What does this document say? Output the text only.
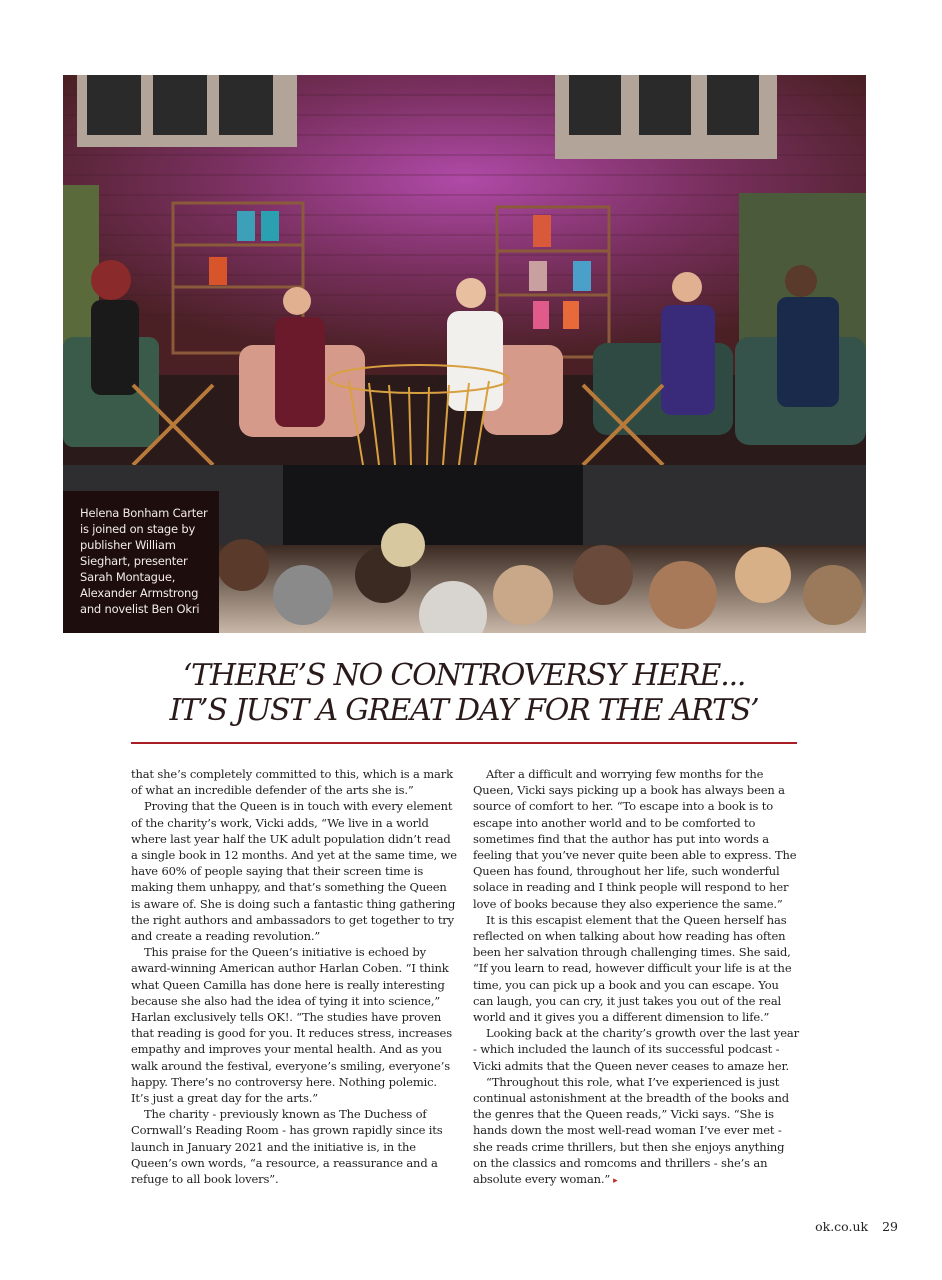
Helena Bonham Carter is joined on stage by publisher William Sieghart, presenter Sarah Montague, Alexander Armstrong and novelist Ben Okri
‘THERE’S NO CONTROVERSY HERE...
IT’S JUST A GREAT DAY FOR THE ARTS’

that she’s completely committed to this, which is a mark of what an incredible defender of the arts she is.”

Proving that the Queen is in touch with every element of the charity’s work, Vicki adds, “We live in a world where last year half the UK adult population didn’t read a single book in 12 months. And yet at the same time, we have 60% of people saying that their screen time is making them unhappy, and that’s something the Queen is aware of. She is doing such a fantastic thing gathering the right authors and ambassadors to get together to try and create a reading revolution.”

This praise for the Queen’s initiative is echoed by award-winning American author Harlan Coben. “I think what Queen Camilla has done here is really interesting because she also had the idea of tying it into science,” Harlan exclusively tells OK!. “The studies have proven that reading is good for you. It reduces stress, increases empathy and improves your mental health. And as you walk around the festival, everyone’s smiling, everyone’s happy. There’s no controversy here. Nothing polemic. It’s just a great day for the arts.”

The charity - previously known as The Duchess of Cornwall’s Reading Room - has grown rapidly since its launch in January 2021 and the initiative is, in the Queen’s own words, “a resource, a reassurance and a refuge to all book lovers”.

After a difficult and worrying few months for the Queen, Vicki says picking up a book has always been a source of comfort to her. “To escape into a book is to escape into another world and to be comforted to sometimes find that the author has put into words a feeling that you’ve never quite been able to express. The Queen has found, throughout her life, such wonderful solace in reading and I think people will respond to her love of books because they also experience the same.”

It is this escapist element that the Queen herself has reflected on when talking about how reading has often been her salvation through challenging times. She said, “If you learn to read, however difficult your life is at the time, you can pick up a book and you can escape. You can laugh, you can cry, it just takes you out of the real world and it gives you a different dimension to life.”

Looking back at the charity’s growth over the last year - which included the launch of its successful podcast - Vicki admits that the Queen never ceases to amaze her.

“Throughout this role, what I’ve experienced is just continual astonishment at the breadth of the books and the genres that the Queen reads,” Vicki says. “She is hands down the most well-read woman I’ve ever met - she reads crime thrillers, but then she enjoys anything on the classics and romcoms and thrillers - she’s an absolute every woman.” ▸

ok.co.uk 29
